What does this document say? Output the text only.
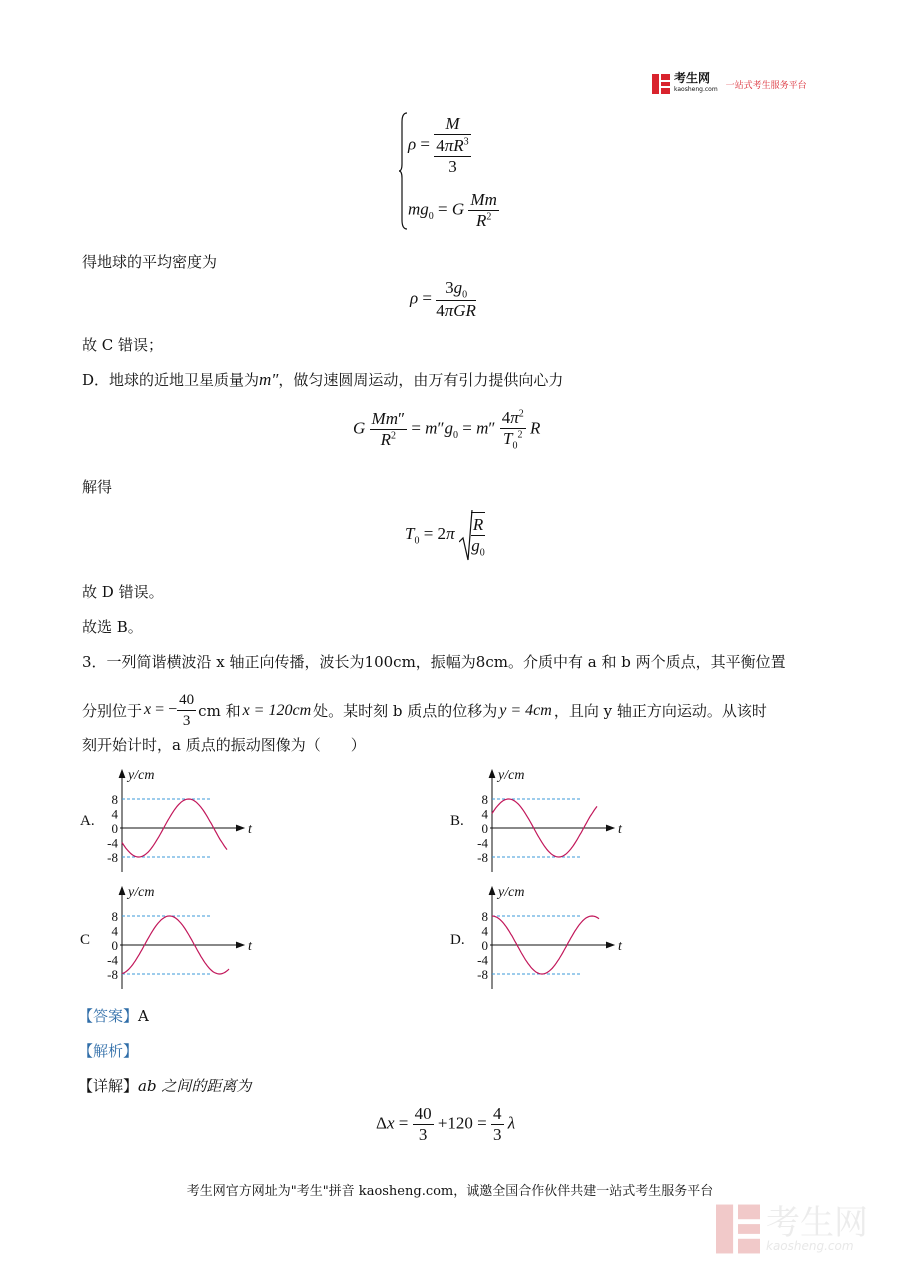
考生网
kaosheng.com 一站式考生服务平台
$\rho = \frac{M}{\frac{4\pi R^3}{3}}$
$mg_0 = G \frac{Mm}{R^2}$
得地球的平均密度为
$\rho = \frac{3g_0}{\text{4πGR}}$
故 C 错误；
D．地球的近地卫星质量为m″，做匀速圆周运动，由万有引力提供向心力
G $\frac{Mm''}{R^2} = m''g_0 = m'' \frac{4\pi^2}{T_0^2}$ R
解得
$T_0 = 2\pi \frac{R}{g_0}$
故 D 错误。
故选 B。
3．一列简谐横波沿 x 轴正向传播，波长为100cm，振幅为8cm。介质中有 a 和 b 两个质点，其平衡位置
分别位于 x = − $\frac{40}{3}$ cm 和 x = 120cm 处。某时刻 b 质点的位移为 y = 4cm ，且向 y 轴正方向运动。从该时
刻开始计时，a 质点的振动图像为（　　）
A.
y/cm
t
8
4
0
-4
-8
B.
y/cm
t
8
4
0
-4
-8
C
y/cm
t
8
4
0
-4
-8
D.
y/cm
t
8
4
0
-4
-8
【答案】A
【解析】
【详解】ab 之间的距离为
$\Delta x = \frac{40}{3} +120 = \frac{4}{3}$ λ
考生网官方网址为"考生"拼音 kaosheng.com，诚邀全国合作伙伴共建一站式考生服务平台
考生网
kaosheng.com
